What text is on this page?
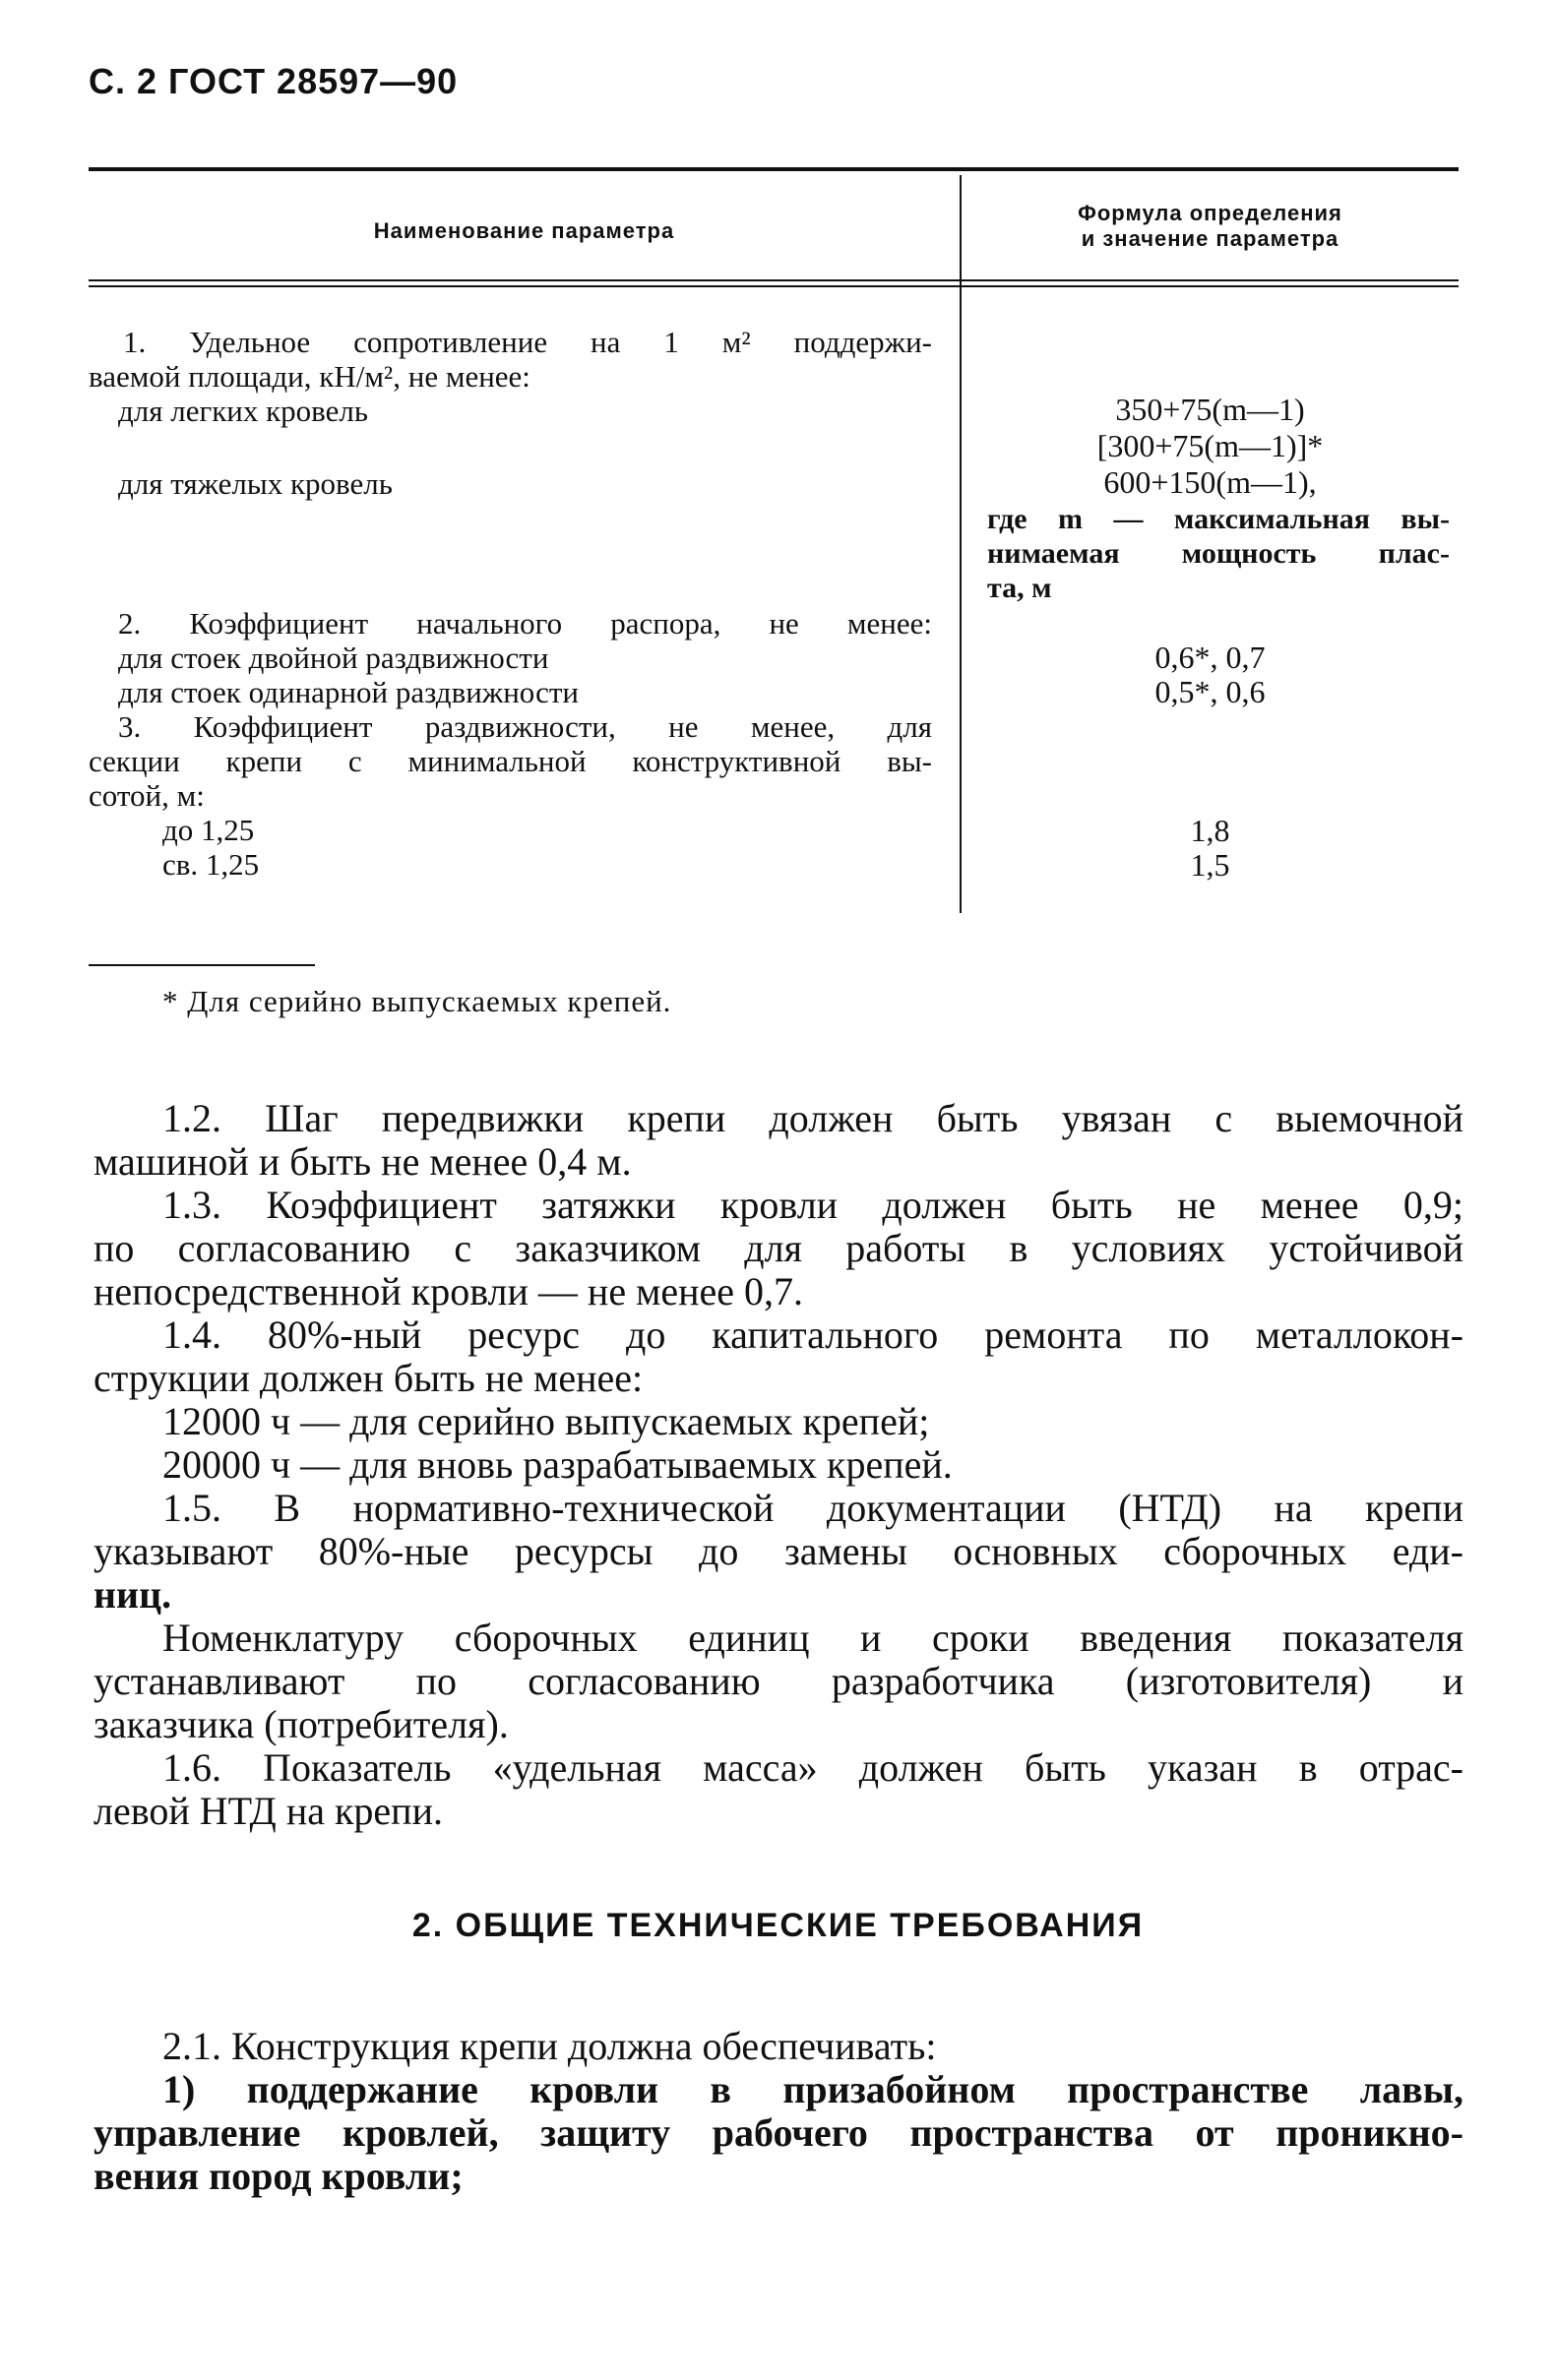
С. 2 ГОСТ 28597—90
Наименование параметра
Формула определения
и значение параметра
1. Удельное сопротивление на 1 м² поддержи-
ваемой площади, кН/м², не менее:
для легких кровель
для тяжелых кровель
2. Коэффициент начального распора, не менее:
для стоек двойной раздвижности
для стоек одинарной раздвижности
3. Коэффициент раздвижности, не менее, для
секции крепи с минимальной конструктивной вы-
сотой, м:
до 1,25
св. 1,25
350+75(m—1)
[300+75(m—1)]*
600+150(m—1),
где m — максимальная вы-
нимаемая мощность плас-
та, м
0,6*, 0,7
0,5*, 0,6
1,8
1,5
* Для серийно выпускаемых крепей.
1.2. Шаг передвижки крепи должен быть увязан с выемочной
машиной и быть не менее 0,4 м.
1.3. Коэффициент затяжки кровли должен быть не менее 0,9;
по согласованию с заказчиком для работы в условиях устойчивой
непосредственной кровли — не менее 0,7.
1.4. 80%-ный ресурс до капитального ремонта по металлокон-
струкции должен быть не менее:
12000 ч — для серийно выпускаемых крепей;
20000 ч — для вновь разрабатываемых крепей.
1.5. В нормативно-технической документации (НТД) на крепи
указывают 80%-ные ресурсы до замены основных сборочных еди-
ниц.
Номенклатуру сборочных единиц и сроки введения показателя
устанавливают по согласованию разработчика (изготовителя) и
заказчика (потребителя).
1.6. Показатель «удельная масса» должен быть указан в отрас-
левой НТД на крепи.
2. ОБЩИЕ ТЕХНИЧЕСКИЕ ТРЕБОВАНИЯ
2.1. Конструкция крепи должна обеспечивать:
1) поддержание кровли в призабойном пространстве лавы,
управление кровлей, защиту рабочего пространства от проникно-
вения пород кровли;
